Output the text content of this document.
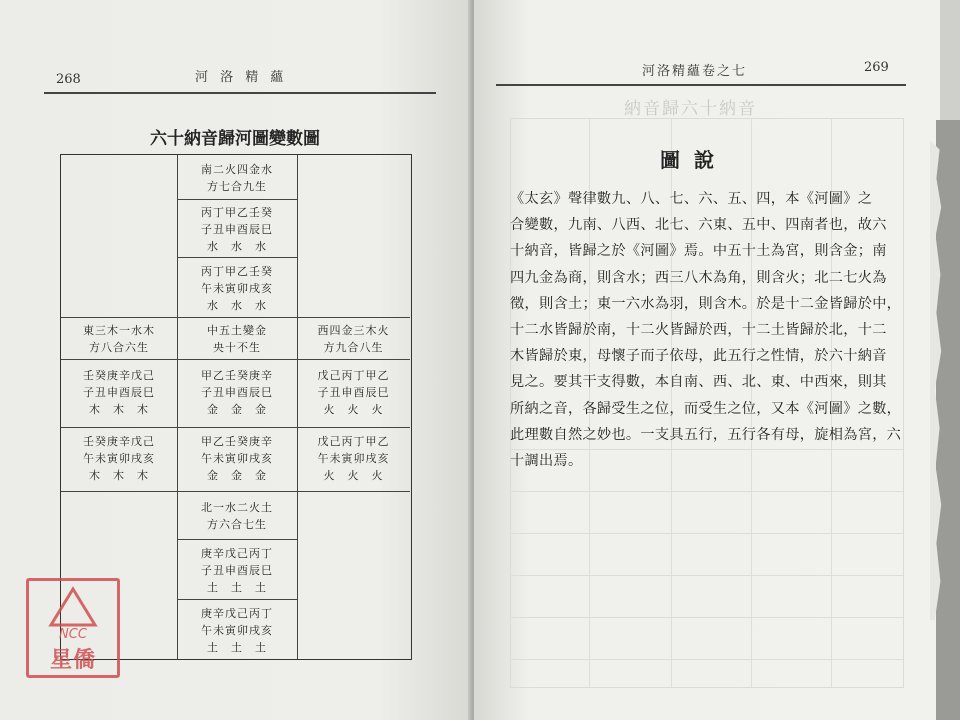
268	河 洛 精 蘊
六十納音歸河圖變數圖
南二火四金水
方七合九生
丙丁甲乙壬癸
子丑申酉辰巳
水　水　水
丙丁甲乙壬癸
午未寅卯戌亥
水　水　水
東三木一水木
方八合六生
中五土變金
央十不生
西四金三木火
方九合八生
壬癸庚辛戊己
子丑申酉辰巳
木　木　木
甲乙壬癸庚辛
子丑申酉辰巳
金　金　金
戊己丙丁甲乙
子丑申酉辰巳
火　火　火
壬癸庚辛戊己
午未寅卯戌亥
木　木　木
甲乙壬癸庚辛
午未寅卯戌亥
金　金　金
戊己丙丁甲乙
午未寅卯戌亥
火　火　火
北一水二火土
方六合七生
庚辛戊己丙丁
子丑申酉辰巳
土　土　土
庚辛戊己丙丁
午未寅卯戌亥
土　土　土
NCC
星僑
河洛精蘊卷之七	269
納音歸六十納音
圖說

《太玄》聲律數九、八、七、六、五、四，本《河圖》之

合變數，九南、八西、北七、六東、五中、四南者也，故六

十納音，皆歸之於《河圖》焉。中五十土為宮，則含金；南

四九金為商，則含水；西三八木為角，則含火；北二七火為

徵，則含土；東一六水為羽，則含木。於是十二金皆歸於中，

十二水皆歸於南，十二火皆歸於西，十二土皆歸於北，十二

木皆歸於東，母懷子而子依母，此五行之性情，於六十納音

見之。要其干支得數，本自南、西、北、東、中西來，則其

所納之音，各歸受生之位，而受生之位，又本《河圖》之數，

此理數自然之妙也。一支具五行，五行各有母，旋相為宮，六

十調出焉。
